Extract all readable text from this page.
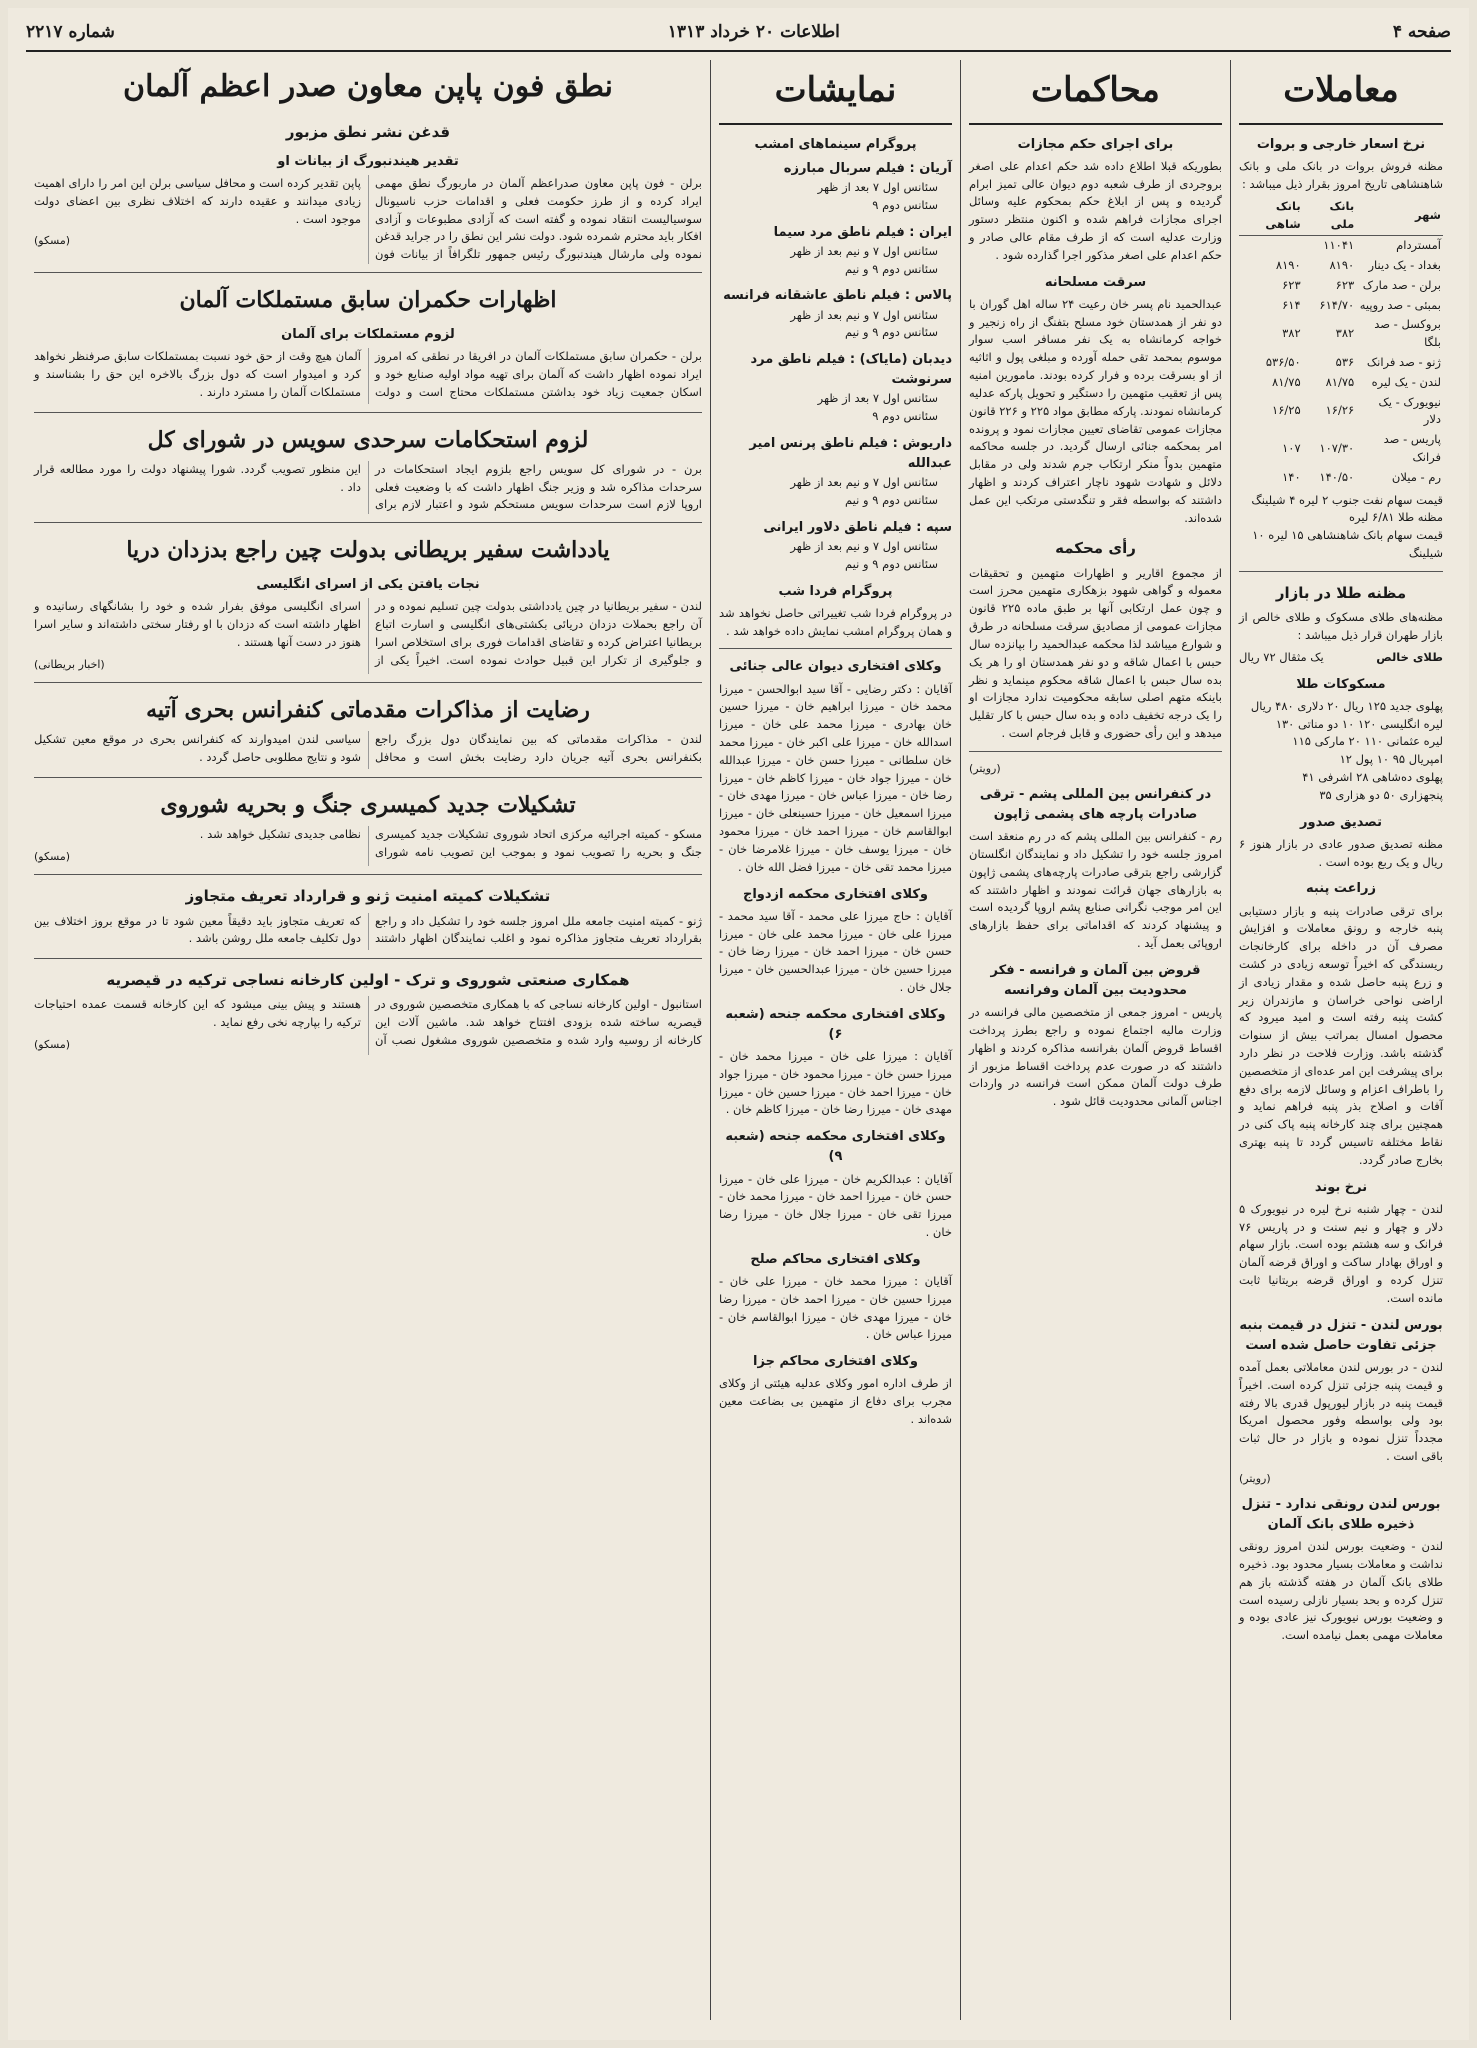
صفحه ۴
اطلاعات ۲۰ خرداد ۱۳۱۳
شماره ۲۲۱۷
معاملات
نرخ اسعار خارجی و بروات

مظنه فروش بروات در بانک ملی و بانک شاهنشاهی تاریخ امروز بقرار ذیل میباشد :

شهر	بانک ملی	بانک شاهی
آمستردام	۱۱۰۴۱	
بغداد - یک دینار	۸۱۹۰	۸۱۹۰
برلن - صد مارک	۶۲۳	۶۲۳
بمبئی - صد روپیه	۶۱۴/۷۰	۶۱۴
بروکسل - صد بلگا	۳۸۲	۳۸۲
ژنو - صد فرانک	۵۳۶	۵۳۶/۵۰
لندن - یک لیره	۸۱/۷۵	۸۱/۷۵
نیویورک - یک دلار	۱۶/۲۶	۱۶/۲۵
پاریس - صد فرانک	۱۰۷/۳۰	۱۰۷
رم - میلان	۱۴۰/۵۰	۱۴۰
قیمت سهام نفت جنوب ۲ لیره ۴ شیلینگ
مظنه طلا ۶/۸۱ لیره
قیمت سهام بانک شاهنشاهی ۱۵ لیره ۱۰ شیلینگ
مظنه طلا در بازار

مظنه‌های طلای مسکوک و طلای خالص از بازار طهران قرار ذیل میباشد :

طلای خالص
یک مثقال ۷۲ ریال
مسکوکات طلا
پهلوی جدید ۱۲۵ ریال ۲۰ دلاری ۴۸۰ ریال
لیره انگلیسی ۱۲۰ ۱۰ دو مناتی ۱۳۰
لیره عثمانی ۱۱۰ ۲۰ مارکی ۱۱۵
امپریال ۹۵ ۱۰ پول ۱۲
پهلوی ده‌شاهی ۲۸ اشرفی ۴۱
پنجهزاری ۵۰ دو هزاری ۳۵
تصدیق صدور

مظنه تصدیق صدور عادی در بازار هنوز ۶ ریال و یک ربع بوده است .

زراعت پنبه

برای ترقی صادرات پنبه و بازار دستیابی پنبه خارجه و رونق معاملات و افزایش مصرف آن در داخله برای کارخانجات ریسندگی که اخیراً توسعه زیادی در کشت و زرع پنبه حاصل شده و مقدار زیادی از اراضی نواحی خراسان و مازندران زیر کشت پنبه رفته است و امید میرود که محصول امسال بمراتب بیش از سنوات گذشته باشد. وزارت فلاحت در نظر دارد برای پیشرفت این امر عده‌ای از متخصصین را باطراف اعزام و وسائل لازمه برای دفع آفات و اصلاح بذر پنبه فراهم نماید و همچنین برای چند کارخانه پنبه پاک کنی در نقاط مختلفه تاسیس گردد تا پنبه بهتری بخارج صادر گردد.

نرخ بوند

لندن - چهار شنبه نرخ لیره در نیویورک ۵ دلار و چهار و نیم سنت و در پاریس ۷۶ فرانک و سه هشتم بوده است. بازار سهام و اوراق بهادار ساکت و اوراق قرضه آلمان تنزل کرده و اوراق قرضه بریتانیا ثابت مانده است.

بورس لندن - تنزل در قیمت بنبه جزئی تفاوت حاصل شده است

لندن - در بورس لندن معاملاتی بعمل آمده و قیمت پنبه جزئی تنزل کرده است. اخیراً قیمت پنبه در بازار لیورپول قدری بالا رفته بود ولی بواسطه وفور محصول امریکا مجدداً تنزل نموده و بازار در حال ثبات باقی است .

(رویتر)
بورس لندن رونقی ندارد - تنزل ذخیره طلای بانک آلمان

لندن - وضعیت بورس لندن امروز رونقی نداشت و معاملات بسیار محدود بود. ذخیره طلای بانک آلمان در هفته گذشته باز هم تنزل کرده و بحد بسیار نازلی رسیده است و وضعیت بورس نیویورک نیز عادی بوده و معاملات مهمی بعمل نیامده است.

محاکمات
برای اجرای حکم مجازات

بطوریکه قبلا اطلاع داده شد حکم اعدام علی اصغر بروجردی از طرف شعبه دوم دیوان عالی تمیز ابرام گردیده و پس از ابلاغ حکم بمحکوم علیه وسائل اجرای مجازات فراهم شده و اکنون منتظر دستور وزارت عدلیه است که از طرف مقام عالی صادر و حکم اعدام علی اصغر مذکور اجرا گذارده شود .

سرقت مسلحانه

عبدالحمید نام پسر خان رعیت ۲۴ ساله اهل گوران با دو نفر از همدستان خود مسلح بتفنگ از راه زنجیر و خواجه کرمانشاه به یک نفر مسافر اسب سوار موسوم بمحمد تقی حمله آورده و مبلغی پول و اثاثیه از او بسرقت برده و فرار کرده بودند. مامورین امنیه پس از تعقیب متهمین را دستگیر و تحویل پارکه عدلیه کرمانشاه نمودند. پارکه مطابق مواد ۲۲۵ و ۲۲۶ قانون مجازات عمومی تقاضای تعیین مجازات نمود و پرونده امر بمحکمه جنائی ارسال گردید. در جلسه محاکمه متهمین بدواً منکر ارتکاب جرم شدند ولی در مقابل دلائل و شهادت شهود ناچار اعتراف کردند و اظهار داشتند که بواسطه فقر و تنگدستی مرتکب این عمل شده‌اند.

رأی محکمه

از مجموع اقاریر و اظهارات متهمین و تحقیقات معموله و گواهی شهود بزهکاری متهمین محرز است و چون عمل ارتکابی آنها بر طبق ماده ۲۲۵ قانون مجازات عمومی از مصادیق سرقت مسلحانه در طرق و شوارع میباشد لذا محکمه عبدالحمید را بپانزده سال حبس با اعمال شاقه و دو نفر همدستان او را هر یک بده سال حبس با اعمال شاقه محکوم مینماید و نظر باینکه متهم اصلی سابقه محکومیت ندارد مجازات او را یک درجه تخفیف داده و بده سال حبس با کار تقلیل میدهد و این رأی حضوری و قابل فرجام است .

(رویتر)
در کنفرانس بین المللی پشم - ترقی صادرات پارچه های پشمی ژاپون

رم - کنفرانس بین المللی پشم که در رم منعقد است امروز جلسه خود را تشکیل داد و نمایندگان انگلستان گزارشی راجع بترقی صادرات پارچه‌های پشمی ژاپون به بازارهای جهان قرائت نمودند و اظهار داشتند که این امر موجب نگرانی صنایع پشم اروپا گردیده است و پیشنهاد کردند که اقداماتی برای حفظ بازارهای اروپائی بعمل آید .

قروض بین آلمان و فرانسه - فکر محدودیت بین آلمان وفرانسه

پاریس - امروز جمعی از متخصصین مالی فرانسه در وزارت مالیه اجتماع نموده و راجع بطرز پرداخت اقساط قروض آلمان بفرانسه مذاکره کردند و اظهار داشتند که در صورت عدم پرداخت اقساط مزبور از طرف دولت آلمان ممکن است فرانسه در واردات اجناس آلمانی محدودیت قائل شود .

نمایشات
پروگرام سینماهای امشب
آریان : فیلم سربال مبارزه
سئانس اول ۷ بعد از ظهر
سئانس دوم ۹
ایران : فیلم ناطق مرد سیما
سئانس اول ۷ و نیم بعد از ظهر
سئانس دوم ۹ و نیم
پالاس : فیلم ناطق عاشقانه فرانسه
سئانس اول ۷ و نیم بعد از ظهر
سئانس دوم ۹ و نیم
دیدبان (مایاک) : فیلم ناطق مرد سرنوشت
سئانس اول ۷ بعد از ظهر
سئانس دوم ۹
داریوش : فیلم ناطق پرنس امیر عبدالله
سئانس اول ۷ و نیم بعد از ظهر
سئانس دوم ۹ و نیم
سپه : فیلم ناطق دلاور ایرانی
سئانس اول ۷ و نیم بعد از ظهر
سئانس دوم ۹ و نیم
پروگرام فردا شب

در پروگرام فردا شب تغییراتی حاصل نخواهد شد و همان پروگرام امشب نمایش داده خواهد شد .

وکلای افتخاری دیوان عالی جنائی

آقایان : دکتر رضایی - آقا سید ابوالحسن - میرزا محمد خان - میرزا ابراهیم خان - میرزا حسین خان بهادری - میرزا محمد علی خان - میرزا اسدالله خان - میرزا علی اکبر خان - میرزا محمد خان سلطانی - میرزا حسن خان - میرزا عبدالله خان - میرزا جواد خان - میرزا کاظم خان - میرزا رضا خان - میرزا عباس خان - میرزا مهدی خان - میرزا اسمعیل خان - میرزا حسینعلی خان - میرزا ابوالقاسم خان - میرزا احمد خان - میرزا محمود خان - میرزا یوسف خان - میرزا غلامرضا خان - میرزا محمد تقی خان - میرزا فضل الله خان .

وکلای افتخاری محکمه ازدواج

آقایان : حاج میرزا علی محمد - آقا سید محمد - میرزا علی خان - میرزا محمد علی خان - میرزا حسن خان - میرزا احمد خان - میرزا رضا خان - میرزا حسین خان - میرزا عبدالحسین خان - میرزا جلال خان .

وکلای افتخاری محکمه جنحه (شعبه ۶)

آقایان : میرزا علی خان - میرزا محمد خان - میرزا حسن خان - میرزا محمود خان - میرزا جواد خان - میرزا احمد خان - میرزا حسین خان - میرزا مهدی خان - میرزا رضا خان - میرزا کاظم خان .

وکلای افتخاری محکمه جنحه (شعبه ۹)

آقایان : عبدالکریم خان - میرزا علی خان - میرزا حسن خان - میرزا احمد خان - میرزا محمد خان - میرزا تقی خان - میرزا جلال خان - میرزا رضا خان .

وکلای افتخاری محاکم صلح

آقایان : میرزا محمد خان - میرزا علی خان - میرزا حسین خان - میرزا احمد خان - میرزا رضا خان - میرزا مهدی خان - میرزا ابوالقاسم خان - میرزا عباس خان .

وکلای افتخاری محاکم جزا

از طرف اداره امور وکلای عدلیه هیئتی از وکلای مجرب برای دفاع از متهمین بی بضاعت معین شده‌اند .

نطق فون پاپن معاون صدر اعظم آلمان
قدغن نشر نطق مزبور
تقدیر هیندنبورگ از بیانات او

برلن - فون پاپن معاون صدراعظم آلمان در ماربورگ نطق مهمی ایراد کرده و از طرز حکومت فعلی و اقدامات حزب ناسیونال سوسیالیست انتقاد نموده و گفته است که آزادی مطبوعات و آزادی افکار باید محترم شمرده شود. دولت نشر این نطق را در جراید قدغن نموده ولی مارشال هیندنبورگ رئیس جمهور تلگرافاً از بیانات فون پاپن تقدیر کرده است و محافل سیاسی برلن این امر را دارای اهمیت زیادی میدانند و عقیده دارند که اختلاف نظری بین اعضای دولت موجود است .

(مسکو)
اظهارات حکمران سابق مستملکات آلمان
لزوم مستملکات برای آلمان

برلن - حکمران سابق مستملکات آلمان در افریقا در نطقی که امروز ایراد نموده اظهار داشت که آلمان برای تهیه مواد اولیه صنایع خود و اسکان جمعیت زیاد خود بداشتن مستملکات محتاج است و دولت آلمان هیچ وقت از حق خود نسبت بمستملکات سابق صرفنظر نخواهد کرد و امیدوار است که دول بزرگ بالاخره این حق را بشناسند و مستملکات آلمان را مسترد دارند .

لزوم استحکامات سرحدی سویس در شورای کل

برن - در شورای کل سویس راجع بلزوم ایجاد استحکامات در سرحدات مذاکره شد و وزیر جنگ اظهار داشت که با وضعیت فعلی اروپا لازم است سرحدات سویس مستحکم شود و اعتبار لازم برای این منظور تصویب گردد. شورا پیشنهاد دولت را مورد مطالعه قرار داد .

یادداشت سفیر بریطانی بدولت چین راجع بدزدان دریا
نجات یافتن یکی از اسرای انگلیسی

لندن - سفیر بریطانیا در چین یادداشتی بدولت چین تسلیم نموده و در آن راجع بحملات دزدان دریائی بکشتی‌های انگلیسی و اسارت اتباع بریطانیا اعتراض کرده و تقاضای اقدامات فوری برای استخلاص اسرا و جلوگیری از تکرار این قبیل حوادث نموده است. اخیراً یکی از اسرای انگلیسی موفق بفرار شده و خود را بشانگهای رسانیده و اظهار داشته است که دزدان با او رفتار سختی داشته‌اند و سایر اسرا هنوز در دست آنها هستند .

(اخبار بریطانی)
رضایت از مذاکرات مقدماتی کنفرانس بحری آتیه

لندن - مذاکرات مقدماتی که بین نمایندگان دول بزرگ راجع بکنفرانس بحری آتیه جریان دارد رضایت بخش است و محافل سیاسی لندن امیدوارند که کنفرانس بحری در موقع معین تشکیل شود و نتایج مطلوبی حاصل گردد .

تشکیلات جدید کمیسری جنگ و بحریه شوروی

مسکو - کمیته اجرائیه مرکزی اتحاد شوروی تشکیلات جدید کمیسری جنگ و بحریه را تصویب نمود و بموجب این تصویب نامه شورای نظامی جدیدی تشکیل خواهد شد .

(مسکو)
تشکیلات کمیته امنیت ژنو و قرارداد تعریف متجاوز

ژنو - کمیته امنیت جامعه ملل امروز جلسه خود را تشکیل داد و راجع بقرارداد تعریف متجاوز مذاکره نمود و اغلب نمایندگان اظهار داشتند که تعریف متجاوز باید دقیقاً معین شود تا در موقع بروز اختلاف بین دول تکلیف جامعه ملل روشن باشد .

همکاری صنعتی شوروی و ترک - اولین کارخانه نساجی ترکیه در قیصریه

استانبول - اولین کارخانه نساجی که با همکاری متخصصین شوروی در قیصریه ساخته شده بزودی افتتاح خواهد شد. ماشین آلات این کارخانه از روسیه وارد شده و متخصصین شوروی مشغول نصب آن هستند و پیش بینی میشود که این کارخانه قسمت عمده احتیاجات ترکیه را بپارچه نخی رفع نماید .

(مسکو)
